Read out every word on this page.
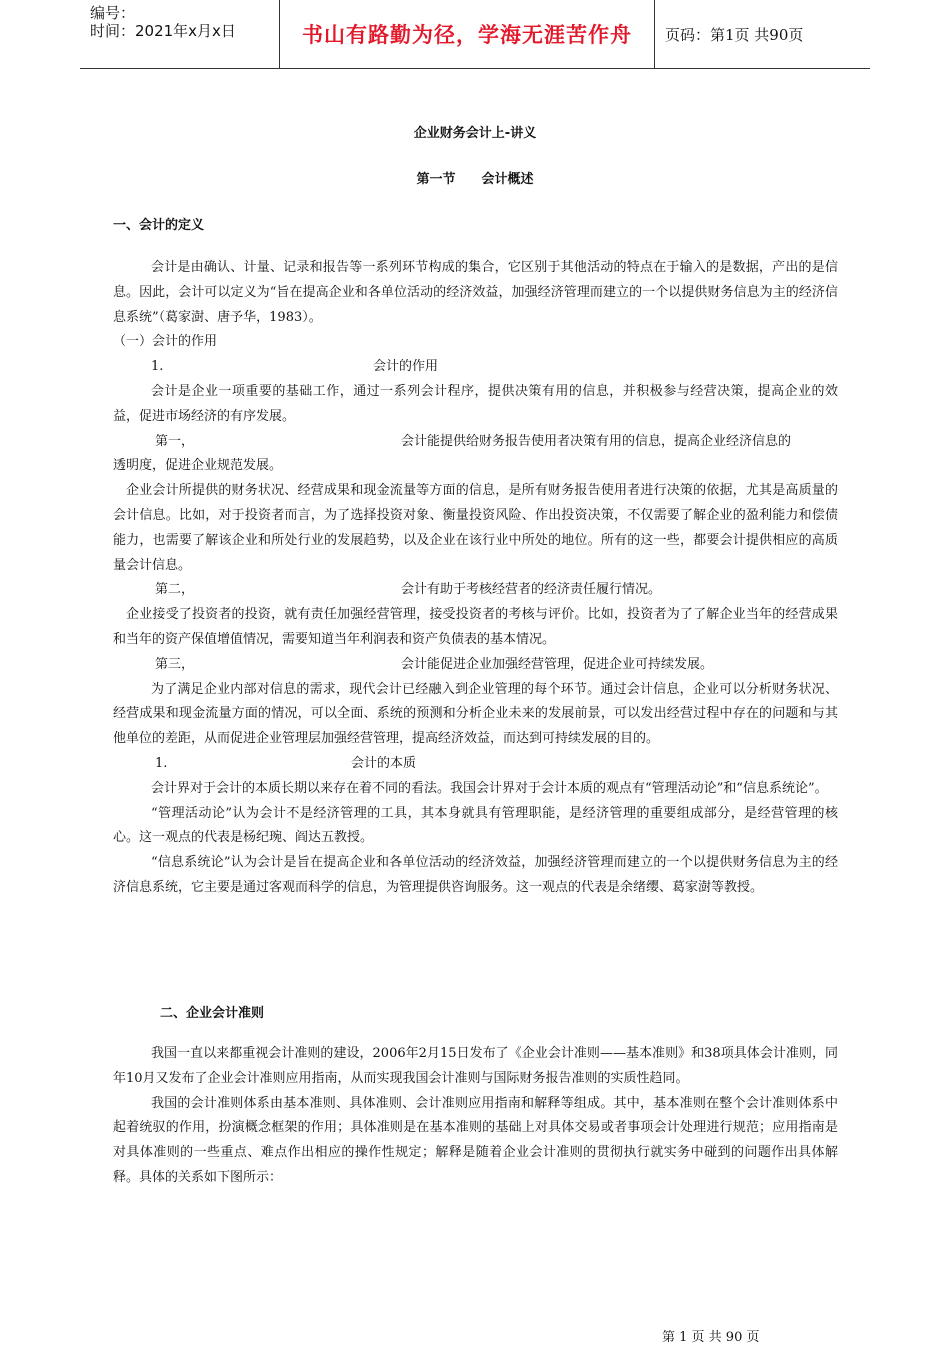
编号：
时间：2021年x月x日	书山有路勤为径，学海无涯苦作舟	页码：第1页 共90页
企业财务会计上-讲义
第一节　　会计概述
一、会计的定义

会计是由确认、计量、记录和报告等一系列环节构成的集合，它区别于其他活动的特点在于输入的是数据，产出的是信息。因此，会计可以定义为“旨在提高企业和各单位活动的经济效益，加强经济管理而建立的一个以提供财务信息为主的经济信息系统”（葛家澍、唐予华，1983）。

（一）会计的作用

1.	会计的作用

会计是企业一项重要的基础工作，通过一系列会计程序，提供决策有用的信息，并积极参与经营决策，提高企业的效益，促进市场经济的有序发展。

第一，	会计能提供给财务报告使用者决策有用的信息，提高企业经济信息的

透明度，促进企业规范发展。

企业会计所提供的财务状况、经营成果和现金流量等方面的信息，是所有财务报告使用者进行决策的依据，尤其是高质量的会计信息。比如，对于投资者而言，为了选择投资对象、衡量投资风险、作出投资决策，不仅需要了解企业的盈利能力和偿债能力，也需要了解该企业和所处行业的发展趋势，以及企业在该行业中所处的地位。所有的这一些，都要会计提供相应的高质量会计信息。

第二，	会计有助于考核经营者的经济责任履行情况。

企业接受了投资者的投资，就有责任加强经营管理，接受投资者的考核与评价。比如，投资者为了了解企业当年的经营成果和当年的资产保值增值情况，需要知道当年利润表和资产负债表的基本情况。

第三，	会计能促进企业加强经营管理，促进企业可持续发展。

为了满足企业内部对信息的需求，现代会计已经融入到企业管理的每个环节。通过会计信息，企业可以分析财务状况、经营成果和现金流量方面的情况，可以全面、系统的预测和分析企业未来的发展前景，可以发出经营过程中存在的问题和与其他单位的差距，从而促进企业管理层加强经营管理，提高经济效益，而达到可持续发展的目的。

1.	会计的本质

会计界对于会计的本质长期以来存在着不同的看法。我国会计界对于会计本质的观点有“管理活动论”和“信息系统论”。

“管理活动论”认为会计不是经济管理的工具，其本身就具有管理职能，是经济管理的重要组成部分，是经营管理的核心。这一观点的代表是杨纪琬、阎达五教授。

“信息系统论”认为会计是旨在提高企业和各单位活动的经济效益，加强经济管理而建立的一个以提供财务信息为主的经济信息系统，它主要是通过客观而科学的信息，为管理提供咨询服务。这一观点的代表是余绪缨、葛家澍等教授。

二、企业会计准则

我国一直以来都重视会计准则的建设，2006年2月15日发布了《企业会计准则——基本准则》和38项具体会计准则，同年10月又发布了企业会计准则应用指南，从而实现我国会计准则与国际财务报告准则的实质性趋同。

我国的会计准则体系由基本准则、具体准则、会计准则应用指南和解释等组成。其中，基本准则在整个会计准则体系中起着统驭的作用，扮演概念框架的作用；具体准则是在基本准则的基础上对具体交易或者事项会计处理进行规范；应用指南是对具体准则的一些重点、难点作出相应的操作性规定；解释是随着企业会计准则的贯彻执行就实务中碰到的问题作出具体解释。具体的关系如下图所示：

第 1 页 共 90 页
